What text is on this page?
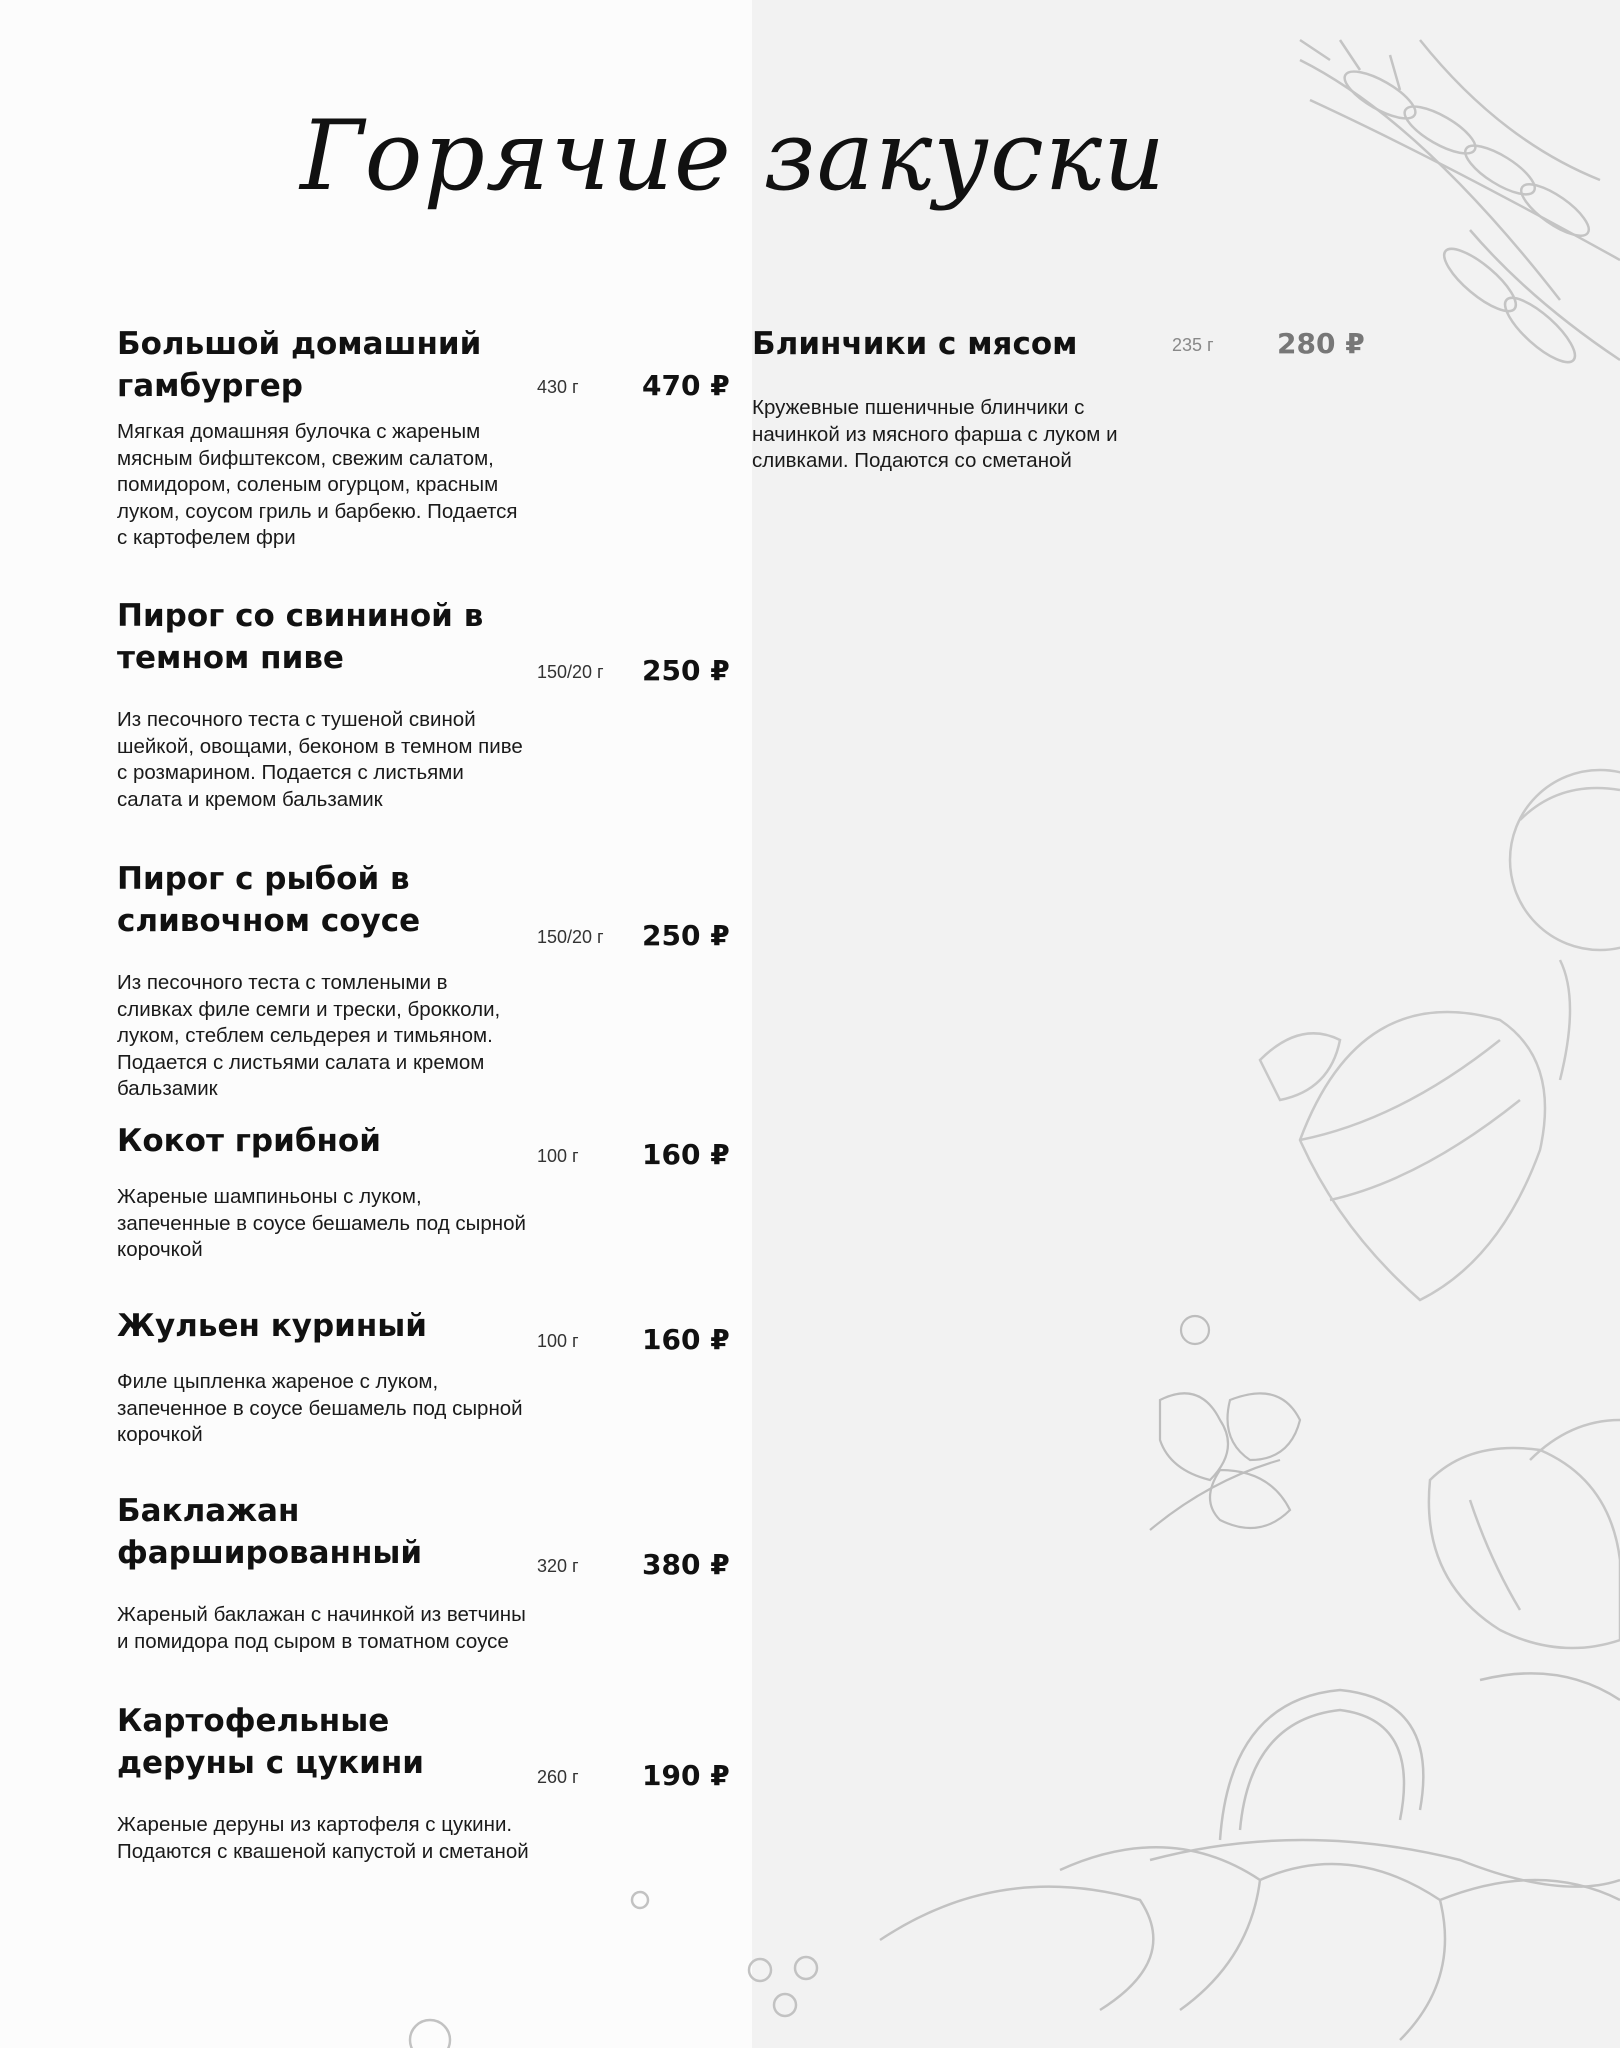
Горячие закуски
Большой домашний гамбургер	430 г 470 ₽
Мягкая домашняя булочка с жареным мясным бифштексом, свежим салатом, помидором, соленым огурцом, красным луком, соусом гриль и барбекю. Подается с картофелем фри
Пирог со свининой в темном пиве	150/20 г 250 ₽
Из песочного теста с тушеной свиной шейкой, овощами, беконом в темном пиве с розмарином. Подается с листьями салата и кремом бальзамик
Пирог с рыбой в сливочном соусе	150/20 г 250 ₽
Из песочного теста с томлеными в сливках филе семги и трески, брокколи, луком, стеблем сельдерея и тимьяном. Подается с листьями салата и кремом бальзамик
Кокот грибной	100 г 160 ₽
Жареные шампиньоны с луком, запеченные в соусе бешамель под сырной корочкой
Жульен куриный	100 г 160 ₽
Филе цыпленка жареное с луком, запеченное в соусе бешамель под сырной корочкой
Баклажан фаршированный	320 г 380 ₽
Жареный баклажан с начинкой из ветчины и помидора под сыром в томатном соусе
Картофельные деруны с цукини	260 г 190 ₽
Жареные деруны из картофеля с цукини. Подаются с квашеной капустой и сметаной
Блинчики с мясом	235 г 280 ₽
Кружевные пшеничные блинчики с начинкой из мясного фарша с луком и сливками. Подаются со сметаной
